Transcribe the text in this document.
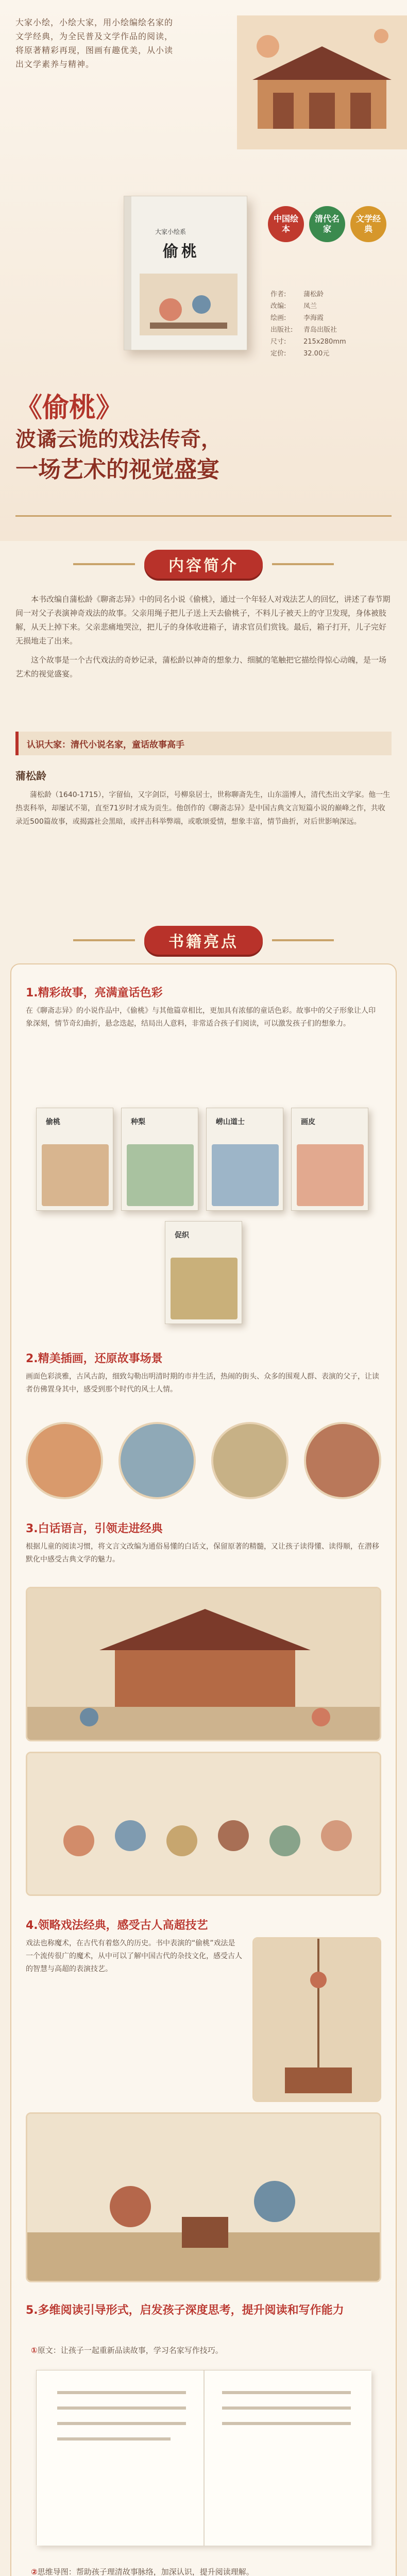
大家小绘，小绘大家，用小绘编绘名家的文学经典，为全民普及文学作品的阅读，将原著精彩再现，图画有趣优美，从小读出文学素养与精神。
大家小绘系
偷桃
中国绘本
清代名家
文学经典
作者:	蒲松龄
改编:	凤兰
绘画:	李海霞
出版社:	青岛出版社
尺寸:	215x280mm
定价:	32.00元
《偷桃》
波谲云诡的戏法传奇，
一场艺术的视觉盛宴
内容简介

本书改编自蒲松龄《聊斋志异》中的同名小说《偷桃》，通过一个年轻人对戏法艺人的回忆，讲述了春节期间一对父子表演神奇戏法的故事。父亲用绳子把儿子送上天去偷桃子，不料儿子被天上的守卫发现，身体被肢解，从天上掉下来。父亲悲痛地哭泣，把儿子的身体收进箱子，请求官员们赏钱。最后，箱子打开，儿子完好无损地走了出来。

这个故事是一个古代戏法的奇妙记录，蒲松龄以神奇的想象力、细腻的笔触把它描绘得惊心动魄，是一场艺术的视觉盛宴。

认识大家：清代小说名家，童话故事高手
蒲松龄
蒲松龄（1640-1715），字留仙，又字剑臣，号柳泉居士，世称聊斋先生，山东淄博人，清代杰出文学家。他一生热衷科举，却屡试不第，直至71岁时才成为贡生。他创作的《聊斋志异》是中国古典文言短篇小说的巅峰之作，共收录近500篇故事，或揭露社会黑暗，或抨击科举弊端，或歌颂爱情，想象丰富，情节曲折，对后世影响深远。
书籍亮点
1.精彩故事，亮满童话色彩
在《聊斋志异》的小说作品中，《偷桃》与其他篇章相比，更加具有浓郁的童话色彩。故事中的父子形象让人印象深刻，情节奇幻曲折，悬念迭起，结局出人意料，非常适合孩子们阅读，可以激发孩子们的想象力。
偷桃	种梨	崂山道士	画皮
促织
2.精美插画，还原故事场景
画面色彩淡雅，古风古韵，细致勾勒出明清时期的市井生活，热闹的街头、众多的围观人群、表演的父子，让读者仿佛置身其中，感受到那个时代的风土人情。
3.白话语言，引领走进经典
根据儿童的阅读习惯，将文言文改编为通俗易懂的白话文，保留原著的精髓，又让孩子读得懂、读得顺，在潜移默化中感受古典文学的魅力。
4.领略戏法经典，感受古人高超技艺
戏法也称魔术，在古代有着悠久的历史。书中表演的“偷桃”戏法是一个流传很广的魔术，从中可以了解中国古代的杂技文化，感受古人的智慧与高超的表演技艺。
5.多维阅读引导形式，启发孩子深度思考，提升阅读和写作能力
①原文：让孩子一起重新品读故事，学习名家写作技巧。
②思维导图：帮助孩子理清故事脉络，加深认识，提升阅读理解。
